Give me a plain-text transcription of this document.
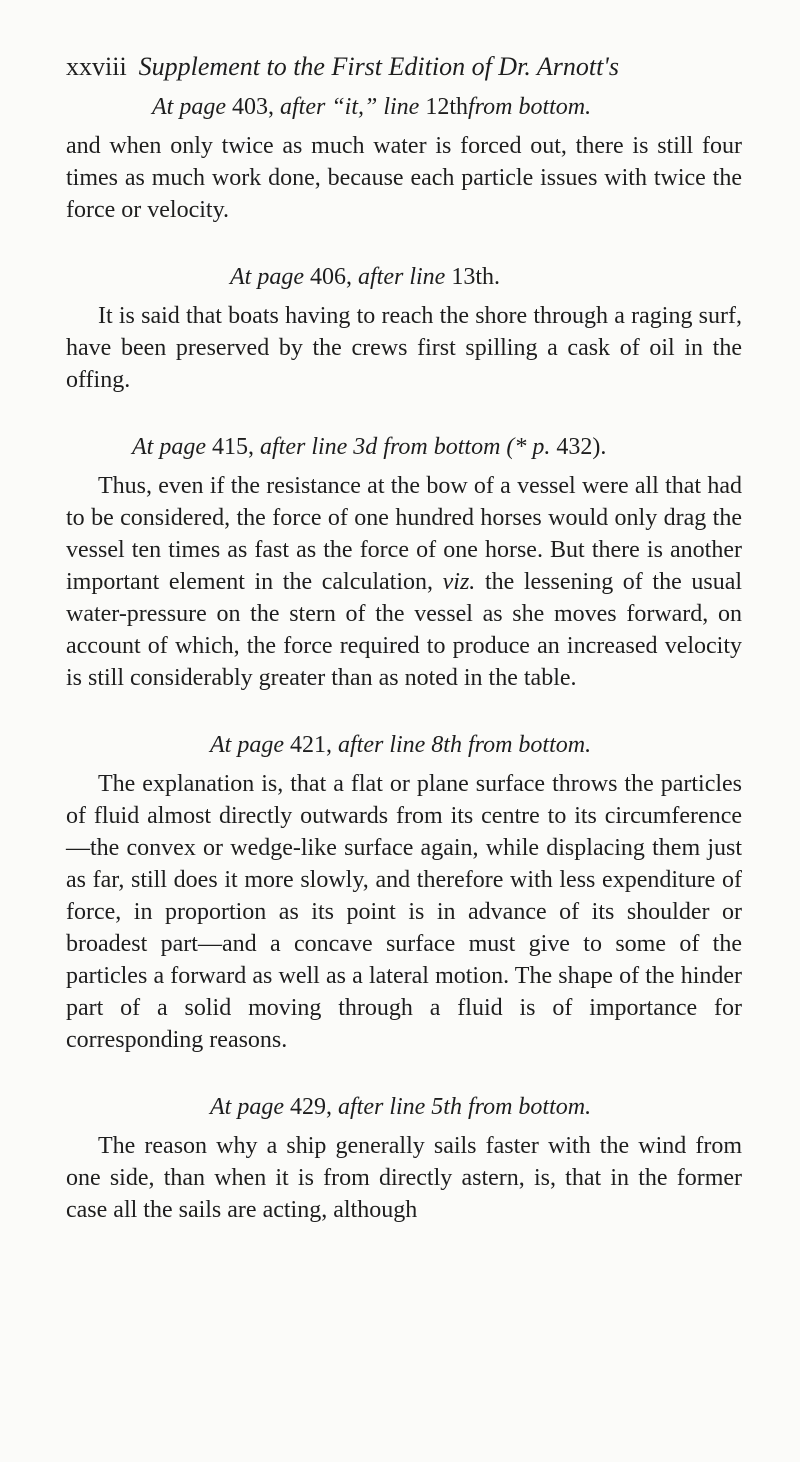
xxviii Supplement to the First Edition of Dr. Arnott's
At page 403, after “it,” line 12thfrom bottom.

and when only twice as much water is forced out, there is still four times as much work done, because each particle issues with twice the force or velocity.

At page 406, after line 13th.

It is said that boats having to reach the shore through a raging surf, have been preserved by the crews first spilling a cask of oil in the offing.

At page 415, after line 3d from bottom (* p. 432).

Thus, even if the resistance at the bow of a vessel were all that had to be considered, the force of one hundred horses would only drag the vessel ten times as fast as the force of one horse. But there is another important element in the calculation, viz. the lessening of the usual water-pressure on the stern of the vessel as she moves forward, on account of which, the force required to produce an increased velocity is still considerably greater than as noted in the table.

At page 421, after line 8th from bottom.

The explanation is, that a flat or plane surface throws the particles of fluid almost directly outwards from its centre to its circumference—the convex or wedge-like surface again, while displacing them just as far, still does it more slowly, and therefore with less expenditure of force, in proportion as its point is in advance of its shoulder or broadest part—and a concave surface must give to some of the particles a forward as well as a lateral motion. The shape of the hinder part of a solid moving through a fluid is of importance for corresponding reasons.

At page 429, after line 5th from bottom.

The reason why a ship generally sails faster with the wind from one side, than when it is from directly astern, is, that in the former case all the sails are acting, although
